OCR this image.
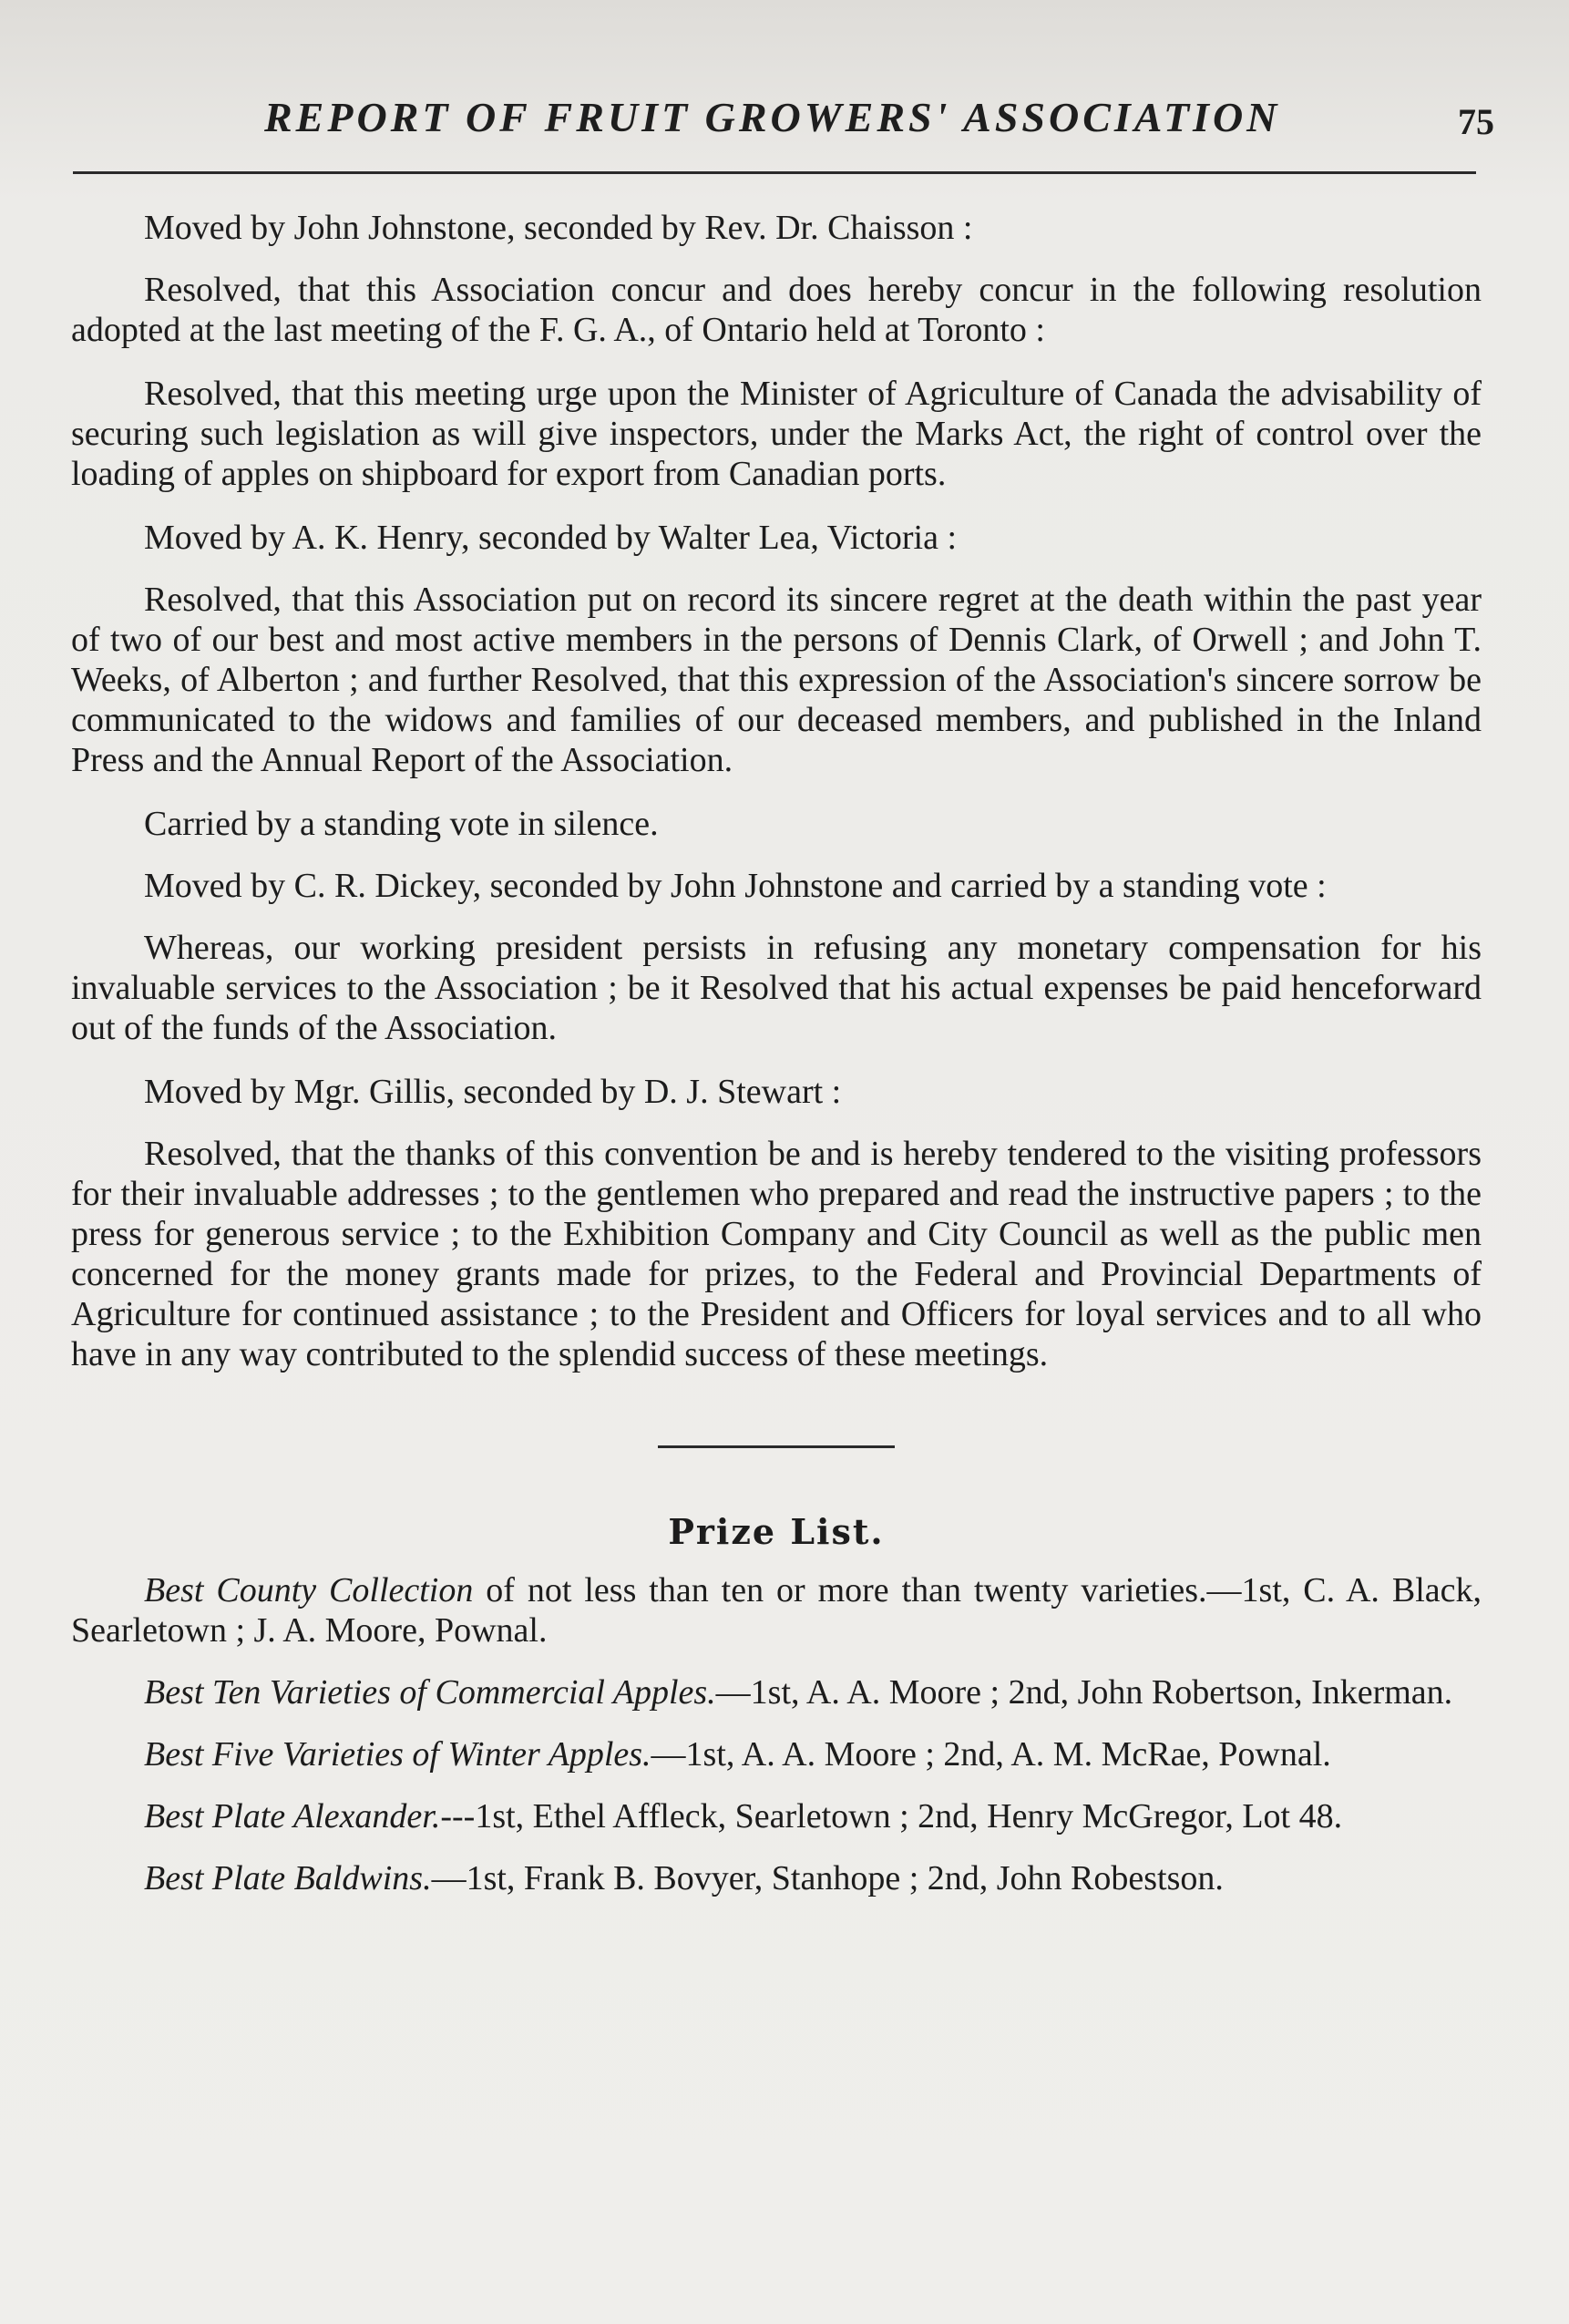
REPORT OF FRUIT GROWERS' ASSOCIATION	75

Moved by John Johnstone, seconded by Rev. Dr. Chaisson :

Resolved, that this Association concur and does hereby concur in the following resolution adopted at the last meeting of the F. G. A., of Ontario held at Toronto :

Resolved, that this meeting urge upon the Minister of Agriculture of Canada the advisability of securing such legislation as will give inspectors, under the Marks Act, the right of control over the loading of apples on shipboard for export from Canadian ports.

Moved by A. K. Henry, seconded by Walter Lea, Victoria :

Resolved, that this Association put on record its sincere regret at the death within the past year of two of our best and most active members in the persons of Dennis Clark, of Orwell ; and John T. Weeks, of Alberton ; and further Resolved, that this expression of the Association's sincere sorrow be communicated to the widows and families of our deceased members, and published in the Inland Press and the Annual Report of the Association.

Carried by a standing vote in silence.

Moved by C. R. Dickey, seconded by John Johnstone and carried by a standing vote :

Whereas, our working president persists in refusing any monetary compensation for his invaluable services to the Association ; be it Resolved that his actual expenses be paid henceforward out of the funds of the Association.

Moved by Mgr. Gillis, seconded by D. J. Stewart :

Resolved, that the thanks of this convention be and is hereby tendered to the visiting professors for their invaluable addresses ; to the gentlemen who prepared and read the instructive papers ; to the press for generous service ; to the Exhibition Company and City Council as well as the public men concerned for the money grants made for prizes, to the Federal and Provincial Departments of Agriculture for continued assistance ; to the President and Officers for loyal services and to all who have in any way contributed to the splendid success of these meetings.

Prize List.

Best County Collection of not less than ten or more than twenty varieties.—1st, C. A. Black, Searletown ; J. A. Moore, Pownal.

Best Ten Varieties of Commercial Apples.—1st, A. A. Moore ; 2nd, John Robertson, Inkerman.

Best Five Varieties of Winter Apples.—1st, A. A. Moore ; 2nd, A. M. McRae, Pownal.

Best Plate Alexander.---1st, Ethel Affleck, Searletown ; 2nd, Henry McGregor, Lot 48.

Best Plate Baldwins.—1st, Frank B. Bovyer, Stanhope ; 2nd, John Robestson.
